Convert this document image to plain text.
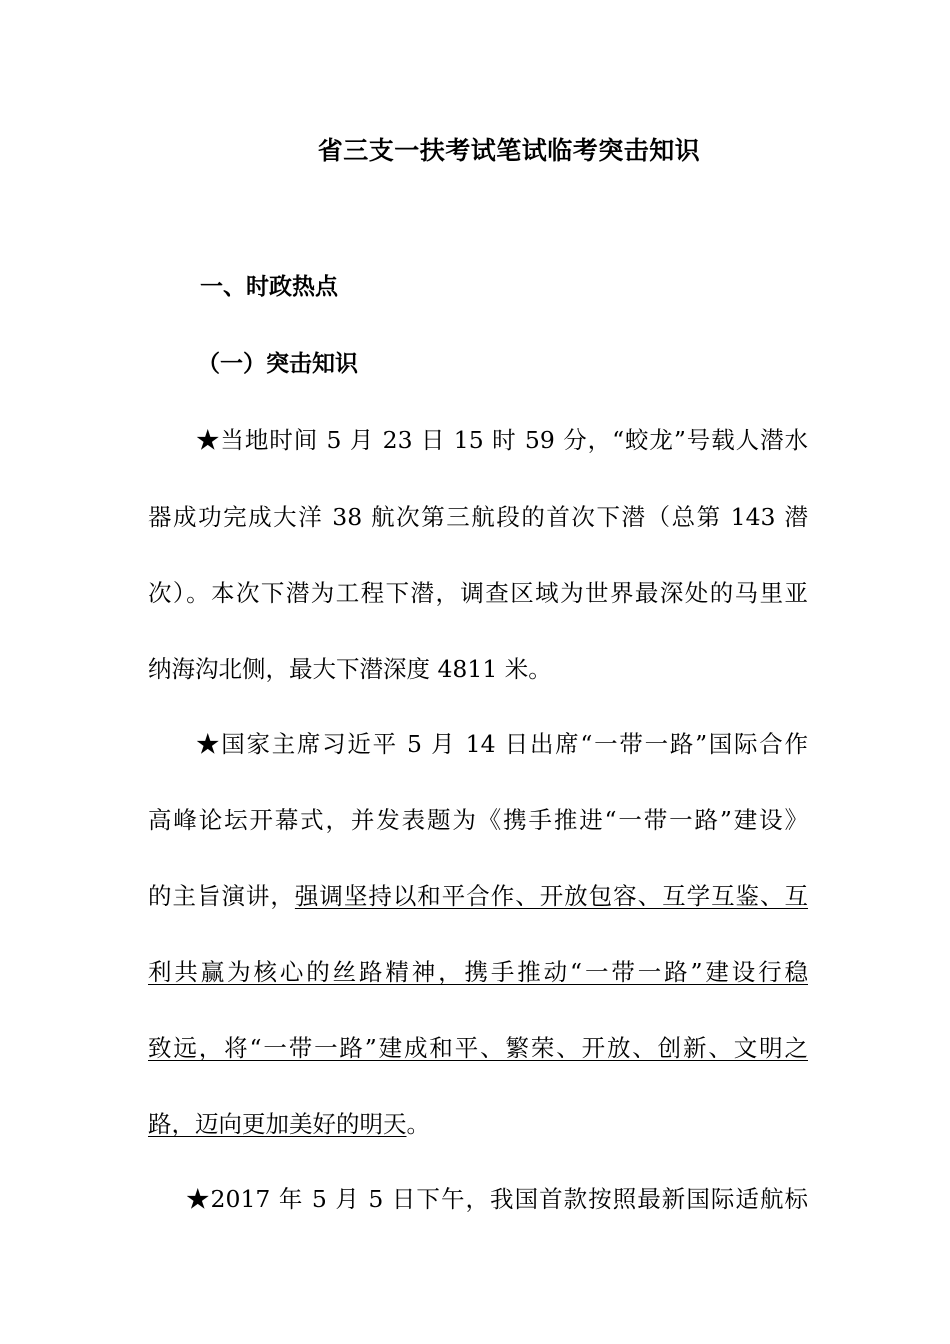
省三支一扶考试笔试临考突击知识
一、时政热点
（一）突击知识
★当地时间 5 月 23 日 15 时 59 分，“蛟龙”号载人潜水
器成功完成大洋 38 航次第三航段的首次下潜（总第 143 潜
次）。本次下潜为工程下潜，调查区域为世界最深处的马里亚
纳海沟北侧，最大下潜深度 4811 米。
★国家主席习近平 5 月 14 日出席“一带一路”国际合作
高峰论坛开幕式，并发表题为《携手推进“一带一路”建设》
的主旨演讲，强调坚持以和平合作、开放包容、互学互鉴、互
利共赢为核心的丝路精神，携手推动“一带一路”建设行稳
致远，将“一带一路”建成和平、繁荣、开放、创新、文明之
路，迈向更加美好的明天。
★2017 年 5 月 5 日下午，我国首款按照最新国际适航标
